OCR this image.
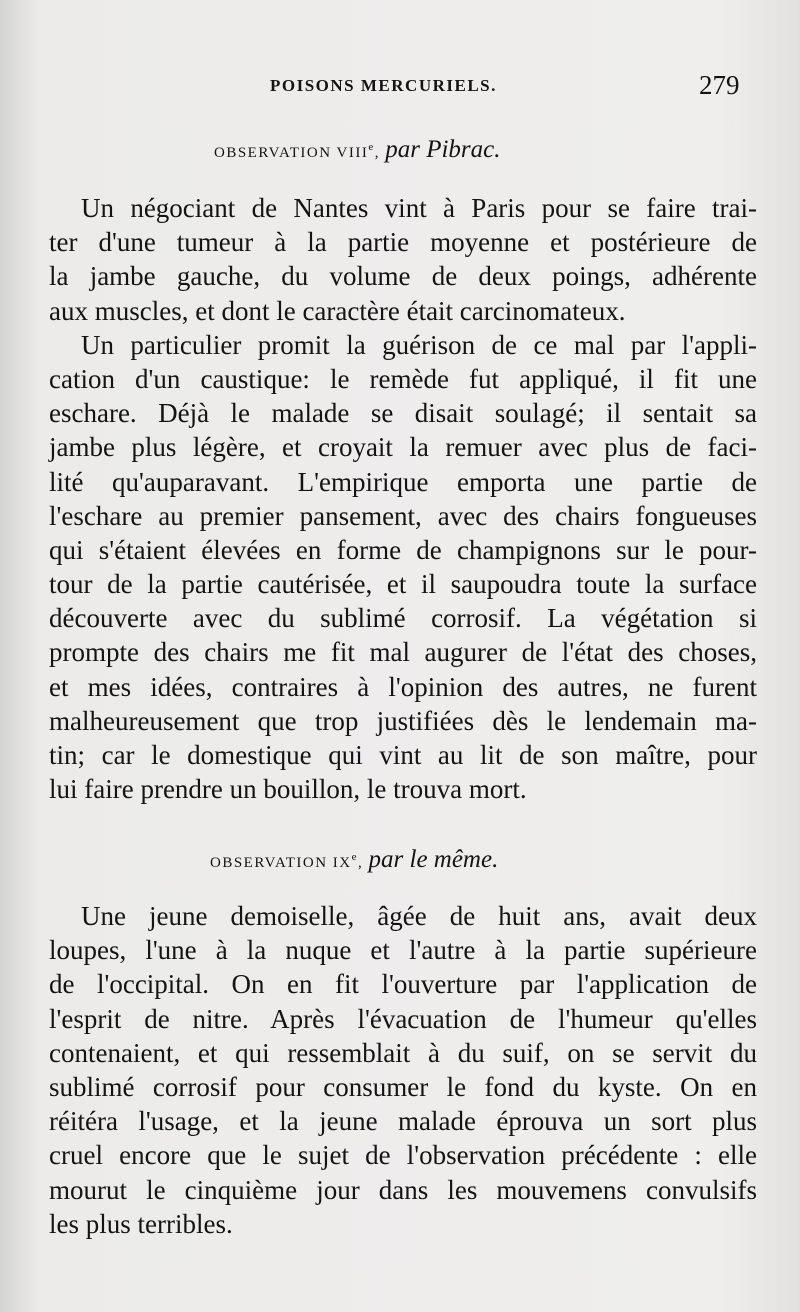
POISONS MERCURIELS.	279
OBSERVATION VIIIe, par Pibrac.
Un négociant de Nantes vint à Paris pour se faire trai-
ter d'une tumeur à la partie moyenne et postérieure de
la jambe gauche, du volume de deux poings, adhérente
aux muscles, et dont le caractère était carcinomateux.
Un particulier promit la guérison de ce mal par l'appli-
cation d'un caustique: le remède fut appliqué, il fit une
eschare. Déjà le malade se disait soulagé; il sentait sa
jambe plus légère, et croyait la remuer avec plus de faci-
lité qu'auparavant. L'empirique emporta une partie de
l'eschare au premier pansement, avec des chairs fongueuses
qui s'étaient élevées en forme de champignons sur le pour-
tour de la partie cautérisée, et il saupoudra toute la surface
découverte avec du sublimé corrosif. La végétation si
prompte des chairs me fit mal augurer de l'état des choses,
et mes idées, contraires à l'opinion des autres, ne furent
malheureusement que trop justifiées dès le lendemain ma-
tin; car le domestique qui vint au lit de son maître, pour
lui faire prendre un bouillon, le trouva mort.
OBSERVATION IXe, par le même.
Une jeune demoiselle, âgée de huit ans, avait deux
loupes, l'une à la nuque et l'autre à la partie supérieure
de l'occipital. On en fit l'ouverture par l'application de
l'esprit de nitre. Après l'évacuation de l'humeur qu'elles
contenaient, et qui ressemblait à du suif, on se servit du
sublimé corrosif pour consumer le fond du kyste. On en
réitéra l'usage, et la jeune malade éprouva un sort plus
cruel encore que le sujet de l'observation précédente : elle
mourut le cinquième jour dans les mouvemens convulsifs
les plus terribles.
